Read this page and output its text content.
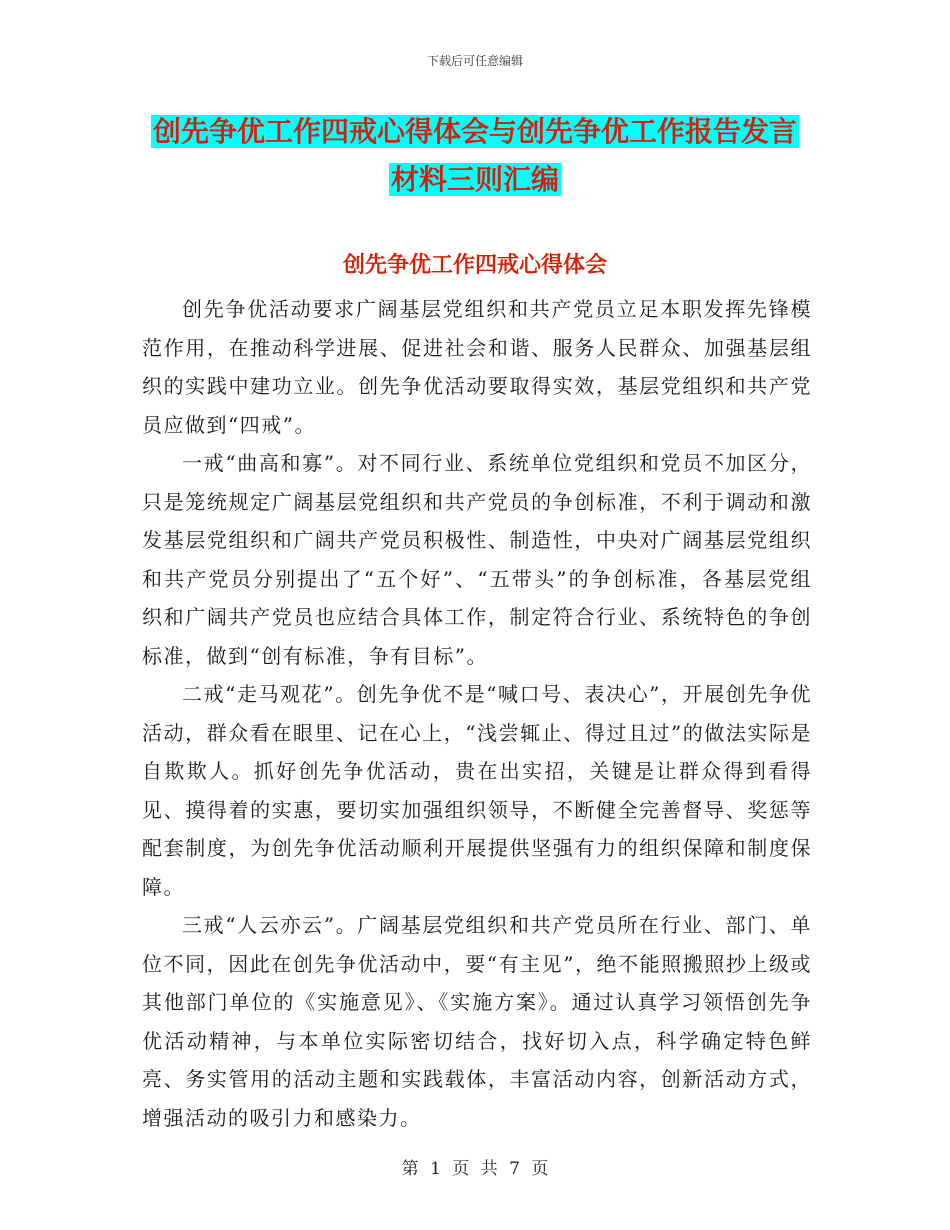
下载后可任意编辑
创先争优工作四戒心得体会与创先争优工作报告发言
材料三则汇编
创先争优工作四戒心得体会

创先争优活动要求广阔基层党组织和共产党员立足本职发挥先锋模范作用，在推动科学进展、促进社会和谐、服务人民群众、加强基层组织的实践中建功立业。创先争优活动要取得实效，基层党组织和共产党员应做到“四戒”。

一戒“曲高和寡”。对不同行业、系统单位党组织和党员不加区分，只是笼统规定广阔基层党组织和共产党员的争创标准，不利于调动和激发基层党组织和广阔共产党员积极性、制造性，中央对广阔基层党组织和共产党员分别提出了“五个好”、“五带头”的争创标准，各基层党组织和广阔共产党员也应结合具体工作，制定符合行业、系统特色的争创标准，做到“创有标准，争有目标”。

二戒“走马观花”。创先争优不是“喊口号、表决心”，开展创先争优活动，群众看在眼里、记在心上，“浅尝辄止、得过且过”的做法实际是自欺欺人。抓好创先争优活动，贵在出实招，关键是让群众得到看得见、摸得着的实惠，要切实加强组织领导，不断健全完善督导、奖惩等配套制度，为创先争优活动顺利开展提供坚强有力的组织保障和制度保障。

三戒“人云亦云”。广阔基层党组织和共产党员所在行业、部门、单位不同，因此在创先争优活动中，要“有主见”，绝不能照搬照抄上级或其他部门单位的《实施意见》、《实施方案》。通过认真学习领悟创先争优活动精神，与本单位实际密切结合，找好切入点，科学确定特色鲜亮、务实管用的活动主题和实践载体，丰富活动内容，创新活动方式，增强活动的吸引力和感染力。

第 1 页 共 7 页
